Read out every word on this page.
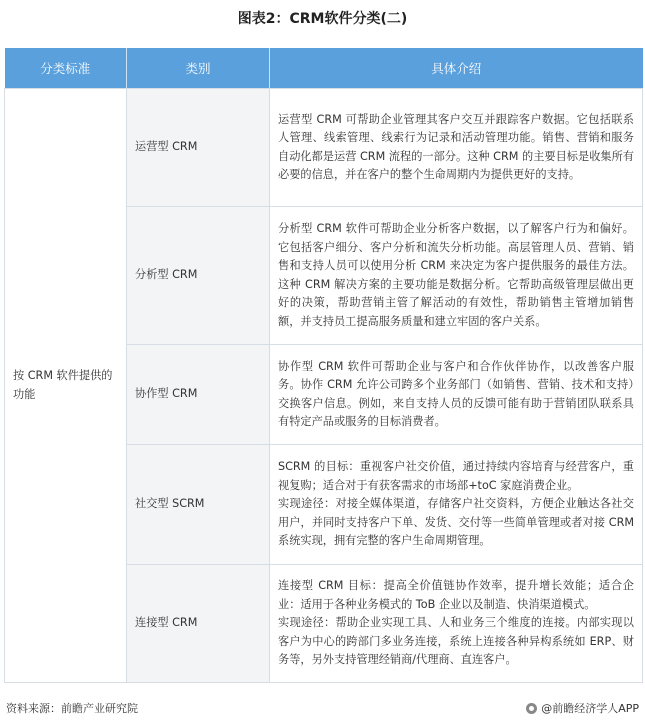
图表2：CRM软件分类(二)
分类标准	类别	具体介绍
按 CRM 软件提供的功能	运营型 CRM	运营型 CRM 可帮助企业管理其客户交互并跟踪客户数据。它包括联系人管理、线索管理、线索行为记录和活动管理功能。销售、营销和服务自动化都是运营 CRM 流程的一部分。这种 CRM 的主要目标是收集所有必要的信息，并在客户的整个生命周期内为提供更好的支持。

	分析型 CRM	分析型 CRM 软件可帮助企业分析客户数据，以了解客户行为和偏好。它包括客户细分、客户分析和流失分析功能。高层管理人员、营销、销售和支持人员可以使用分析 CRM 来决定为客户提供服务的最佳方法。这种 CRM 解决方案的主要功能是数据分析。它帮助高级管理层做出更好的决策，帮助营销主管了解活动的有效性，帮助销售主管增加销售额，并支持员工提高服务质量和建立牢固的客户关系。

	协作型 CRM	协作型 CRM 软件可帮助企业与客户和合作伙伴协作，以改善客户服务。协作 CRM 允许公司跨多个业务部门（如销售、营销、技术和支持）交换客户信息。例如，来自支持人员的反馈可能有助于营销团队联系具有特定产品或服务的目标消费者。

	社交型 SCRM	SCRM 的目标：重视客户社交价值，通过持续内容培育与经营客户，重视复购；适合对于有获客需求的市场部+toC 家庭消费企业。

实现途径：对接全媒体渠道，存储客户社交资料，方便企业触达各社交用户，并同时支持客户下单、发货、交付等一些简单管理或者对接 CRM 系统实现，拥有完整的客户生命周期管理。

	连接型 CRM	连接型 CRM 目标：提高全价值链协作效率，提升增长效能；适合企业：适用于各种业务模式的 ToB 企业以及制造、快消渠道模式。

实现途径：帮助企业实现工具、人和业务三个维度的连接。内部实现以客户为中心的跨部门多业务连接，系统上连接各种异构系统如 ERP、财务等，另外支持管理经销商/代理商、直连客户。

资料来源：前瞻产业研究院	@前瞻经济学人APP
